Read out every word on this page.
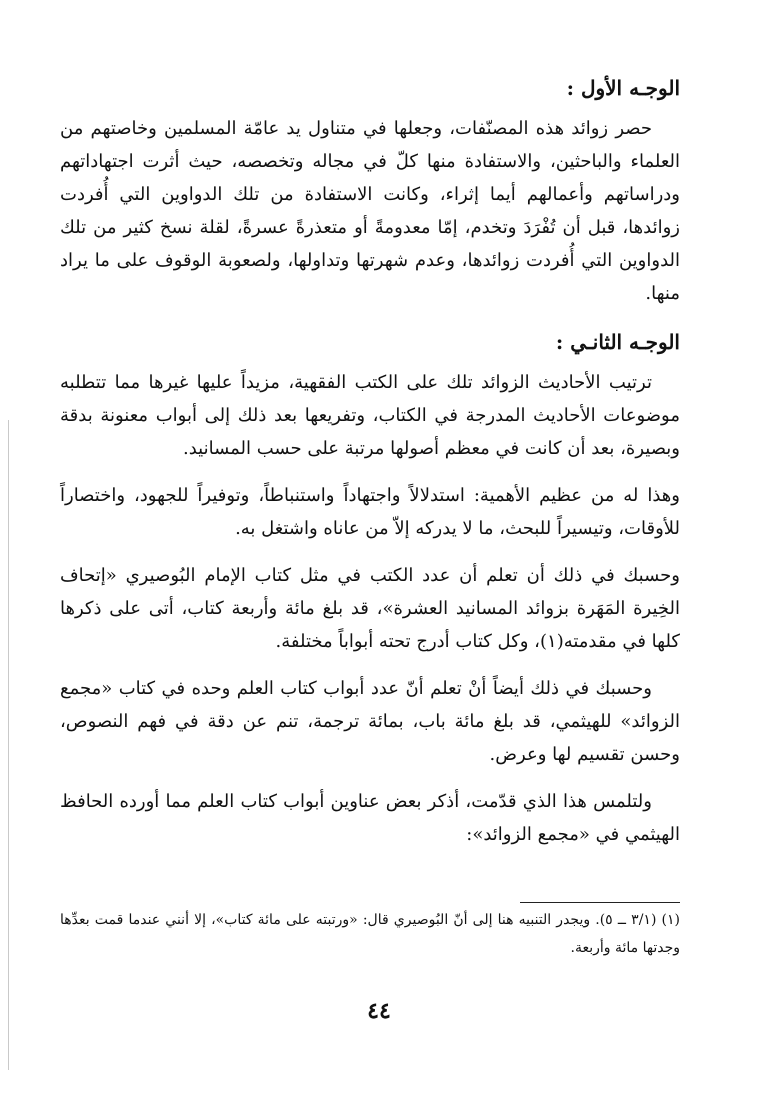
الوجـه الأول :

حصر زوائد هذه المصنّفات، وجعلها في متناول يد عامّة المسلمين وخاصتهم من العلماء والباحثين، والاستفادة منها كلّ في مجاله وتخصصه، حيث أثرت اجتهاداتهم ودراساتهم وأعمالهم أيما إثراء، وكانت الاستفادة من تلك الدواوين التي أُفردت زوائدها، قبل أن تُفْرَدَ وتخدم، إمّا معدومةً أو متعذرةً عسرةً، لقلة نسخ كثير من تلك الدواوين التي أُفردت زوائدها، وعدم شهرتها وتداولها، ولصعوبة الوقوف على ما يراد منها.

الوجـه الثانـي :

ترتيب الأحاديث الزوائد تلك على الكتب الفقهية، مزيداً عليها غيرها مما تتطلبه موضوعات الأحاديث المدرجة في الكتاب، وتفريعها بعد ذلك إلى أبواب معنونة بدقة وبصيرة، بعد أن كانت في معظم أصولها مرتبة على حسب المسانيد.

وهذا له من عظيم الأهمية: استدلالاً واجتهاداً واستنباطاً، وتوفيراً للجهود، واختصاراً للأوقات، وتيسيراً للبحث، ما لا يدركه إلاّ من عاناه واشتغل به.

وحسبك في ذلك أن تعلم أن عدد الكتب في مثل كتاب الإمام البُوصيري «إتحاف الخِيرة المَهَرة بزوائد المسانيد العشرة»، قد بلغ مائة وأربعة كتاب، أتى على ذكرها كلها في مقدمته(١)، وكل كتاب أدرج تحته أبواباً مختلفة.

وحسبك في ذلك أيضاً أنْ تعلم أنّ عدد أبواب كتاب العلم وحده في كتاب «مجمع الزوائد» للهيثمي، قد بلغ مائة باب، بمائة ترجمة، تنم عن دقة في فهم النصوص، وحسن تقسيم لها وعرض.

ولتلمس هذا الذي قدّمت، أذكر بعض عناوين أبواب كتاب العلم مما أورده الحافظ الهيثمي في «مجمع الزوائد»:

(١) (٣/١ ــ ٥). ويجدر التنبيه هنا إلى أنّ البُوصيري قال: «ورتبته على مائة كتاب»، إلا أنني عندما قمت بعدِّها وجدتها مائة وأربعة.
٤٤
